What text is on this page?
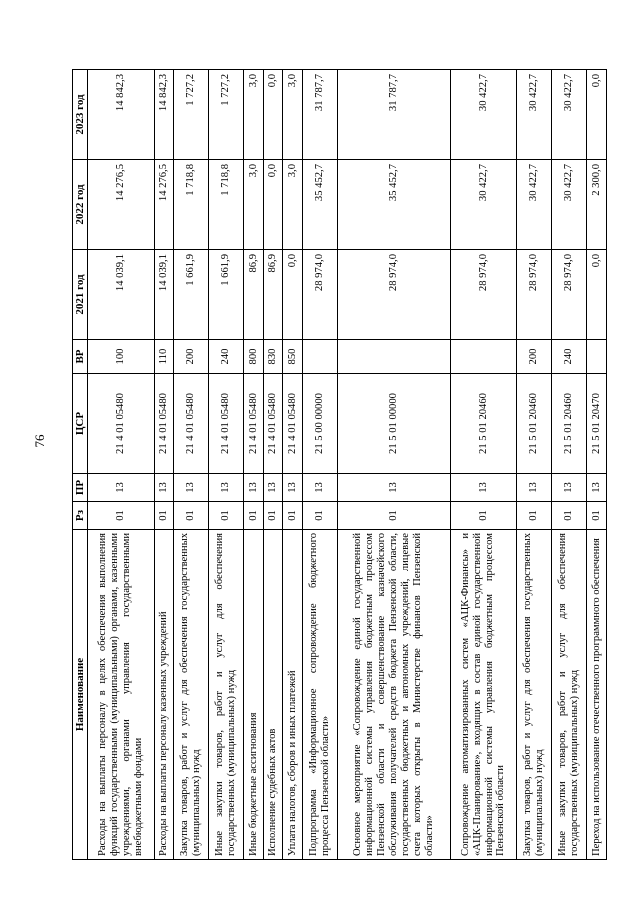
76
Наименование	Рз	ПР	ЦСР	ВР	2021 год	2022 год	2023 год
Расходы на выплаты персоналу в целях обеспечения выполнения функций государственными (муниципальными) органами, казенными учреждениями, органами управления государственными внебюджетными фондами	01	13	21 4 01 05480	100	14 039,1	14 276,5	14 842,3
Расходы на выплаты персоналу казенных учреждений	01	13	21 4 01 05480	110	14 039,1	14 276,5	14 842,3
Закупка товаров, работ и услуг для обеспечения государственных (муниципальных) нужд	01	13	21 4 01 05480	200	1 661,9	1 718,8	1 727,2
Иные закупки товаров, работ и услуг для обеспечения государственных (муниципальных) нужд	01	13	21 4 01 05480	240	1 661,9	1 718,8	1 727,2
Иные бюджетные ассигнования	01	13	21 4 01 05480	800	86,9	3,0	3,0
Исполнение судебных актов	01	13	21 4 01 05480	830	86,9	0,0	0,0
Уплата налогов, сборов и иных платежей	01	13	21 4 01 05480	850	0,0	3,0	3,0
Подпрограмма «Информационное сопровождение бюджетного процесса Пензенской области»	01	13	21 5 00 00000		28 974,0	35 452,7	31 787,7
Основное мероприятие «Сопровождение единой государственной информационной системы управления бюджетным процессом Пензенской области и совершенствование казначейского обслуживания получателей средств бюджета Пензенской области, государственных бюджетных и автономных учреждений, лицевые счета которых открыты в Министерстве финансов Пензенской области»	01	13	21 5 01 00000		28 974,0	35 452,7	31 787,7
Сопровождение автоматизированных систем «АЦК-Финансы» и «АЦК-Планирование», входящих в состав единой государственной информационной системы управления бюджетным процессом Пензенской области	01	13	21 5 01 20460		28 974,0	30 422,7	30 422,7
Закупка товаров, работ и услуг для обеспечения государственных (муниципальных) нужд	01	13	21 5 01 20460	200	28 974,0	30 422,7	30 422,7
Иные закупки товаров, работ и услуг для обеспечения государственных (муниципальных) нужд	01	13	21 5 01 20460	240	28 974,0	30 422,7	30 422,7
Переход на использование отечественного программного обеспечения	01	13	21 5 01 20470		0,0	2 300,0	0,0
